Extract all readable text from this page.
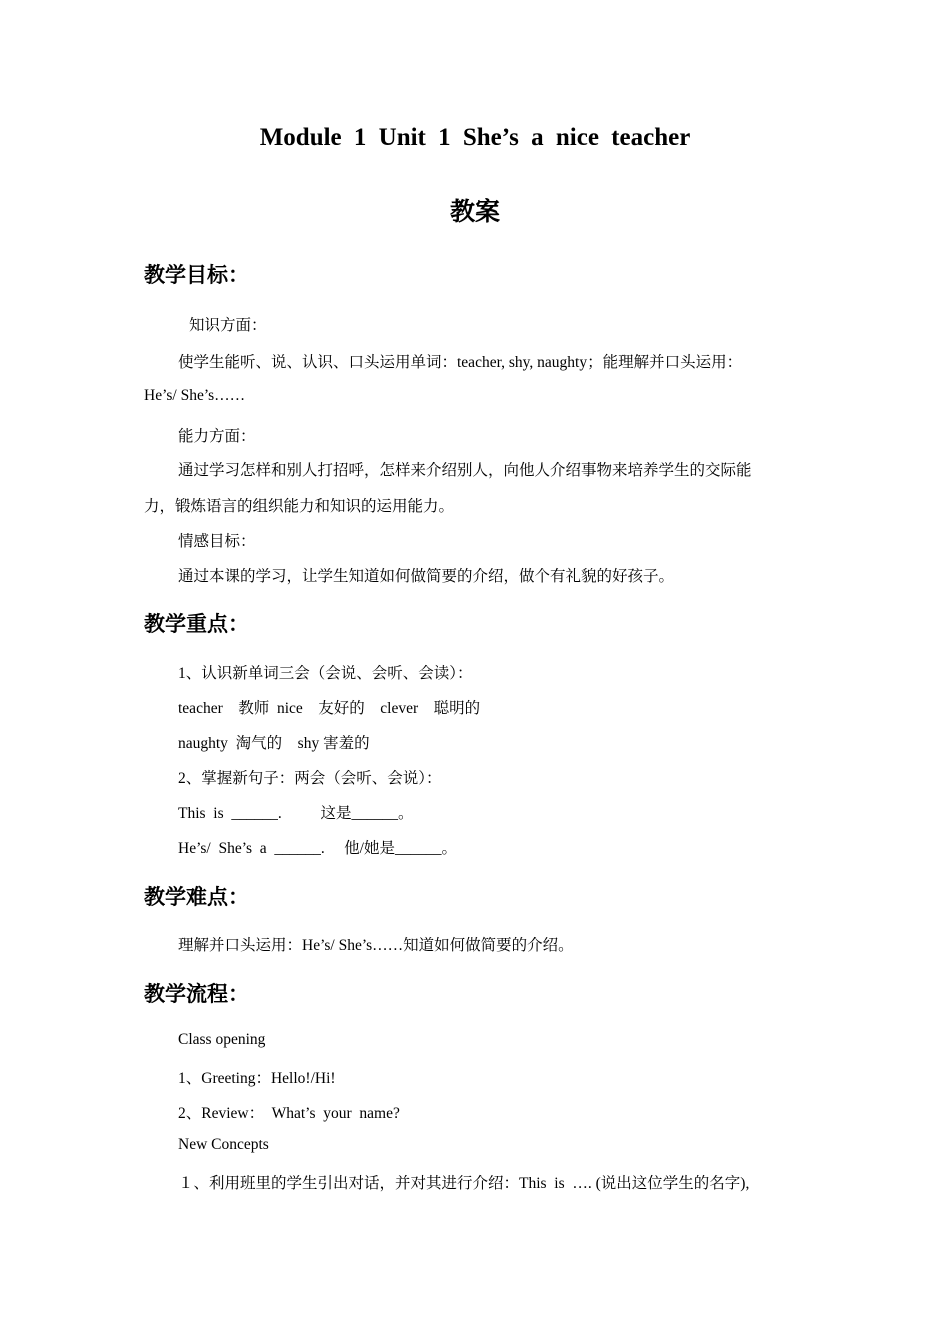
Module 1 Unit 1 She’s a nice teacher
教案
教学目标：
知识方面：
使学生能听、说、认识、口头运用单词：teacher, shy, naughty；能理解并口头运用：
He’s/ She’s……
能力方面：
通过学习怎样和别人打招呼，怎样来介绍别人，向他人介绍事物来培养学生的交际能
力，锻炼语言的组织能力和知识的运用能力。
情感目标：
通过本课的学习，让学生知道如何做简要的介绍，做个有礼貌的好孩子。
教学重点：
1、认识新单词三会（会说、会听、会读）：
teacher    教师  nice    友好的    clever    聪明的
naughty  淘气的    shy 害羞的
2、掌握新句子：两会（会听、会说）：
This  is  ______.          这是______。
He’s/  She’s  a  ______.     他/她是______。
教学难点：
理解并口头运用：He’s/ She’s……知道如何做简要的介绍。
教学流程：
Class opening
1、Greeting：Hello!/Hi!
2、Review：  What’s  your  name?
New Concepts
１、利用班里的学生引出对话，并对其进行介绍：This  is  …. (说出这位学生的名字),
